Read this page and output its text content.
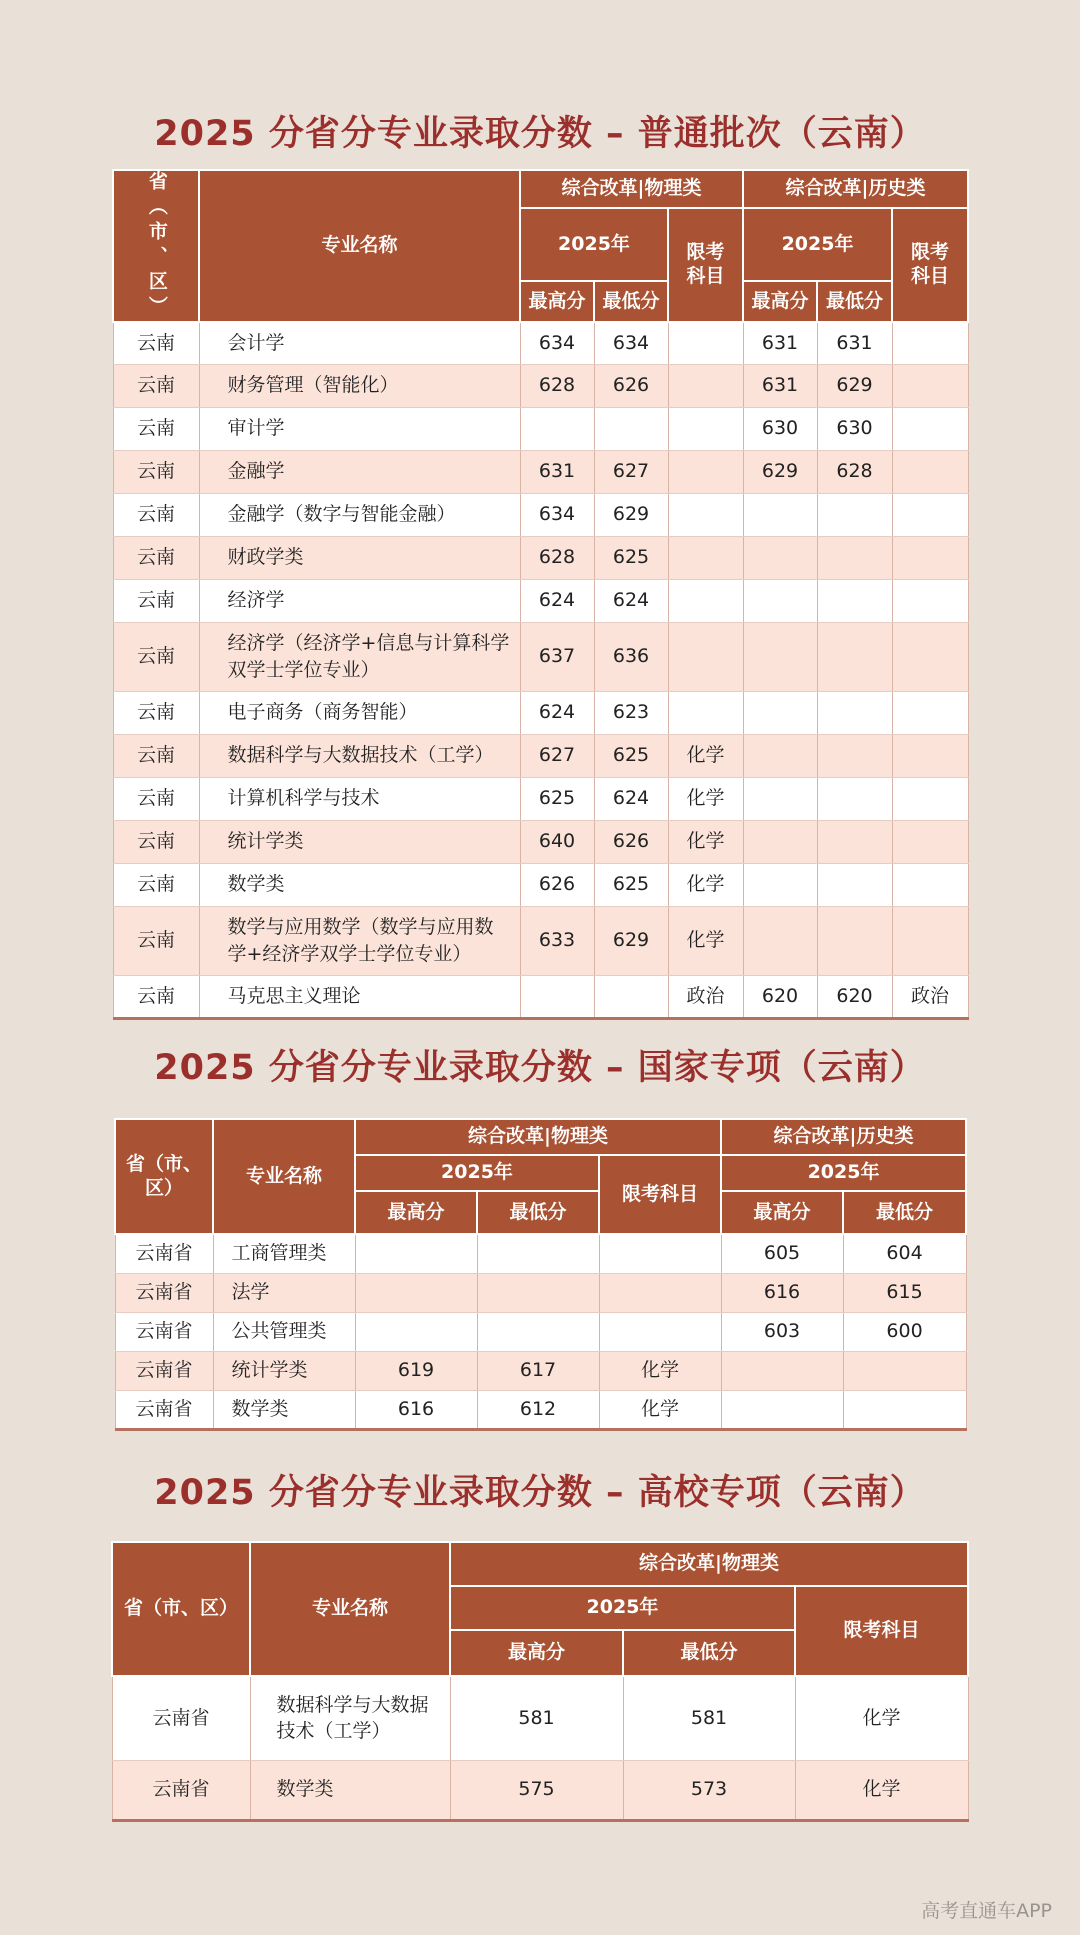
2025 分省分专业录取分数 – 普通批次（云南）
省（市、区）	专业名称	综合改革|物理类			综合改革|历史类		
		2025年		限考科目	2025年		限考科目
		最高分	最低分		最高分	最低分	
云南	会计学	634	634		631	631	
云南	财务管理（智能化）	628	626		631	629	
云南	审计学				630	630	
云南	金融学	631	627		629	628	
云南	金融学（数字与智能金融）	634	629				
云南	财政学类	628	625				
云南	经济学	624	624				
云南	经济学（经济学+信息与计算科学双学士学位专业）	637	636				
云南	电子商务（商务智能）	624	623				
云南	数据科学与大数据技术（工学）	627	625	化学			
云南	计算机科学与技术	625	624	化学			
云南	统计学类	640	626	化学			
云南	数学类	626	625	化学			
云南	数学与应用数学（数学与应用数学+经济学双学士学位专业）	633	629	化学			
云南	马克思主义理论			政治	620	620	政治
2025 分省分专业录取分数 – 国家专项（云南）
省（市、区）	专业名称	综合改革|物理类			综合改革|历史类	
		2025年		限考科目	2025年	
		最高分	最低分		最高分	最低分
云南省	工商管理类				605	604
云南省	法学				616	615
云南省	公共管理类				603	600
云南省	统计学类	619	617	化学		
云南省	数学类	616	612	化学		
2025 分省分专业录取分数 – 高校专项（云南）
省（市、区）	专业名称	综合改革|物理类		
		2025年		限考科目
		最高分	最低分	
云南省	数据科学与大数据技术（工学）	581	581	化学
云南省	数学类	575	573	化学
高考直通车APP
